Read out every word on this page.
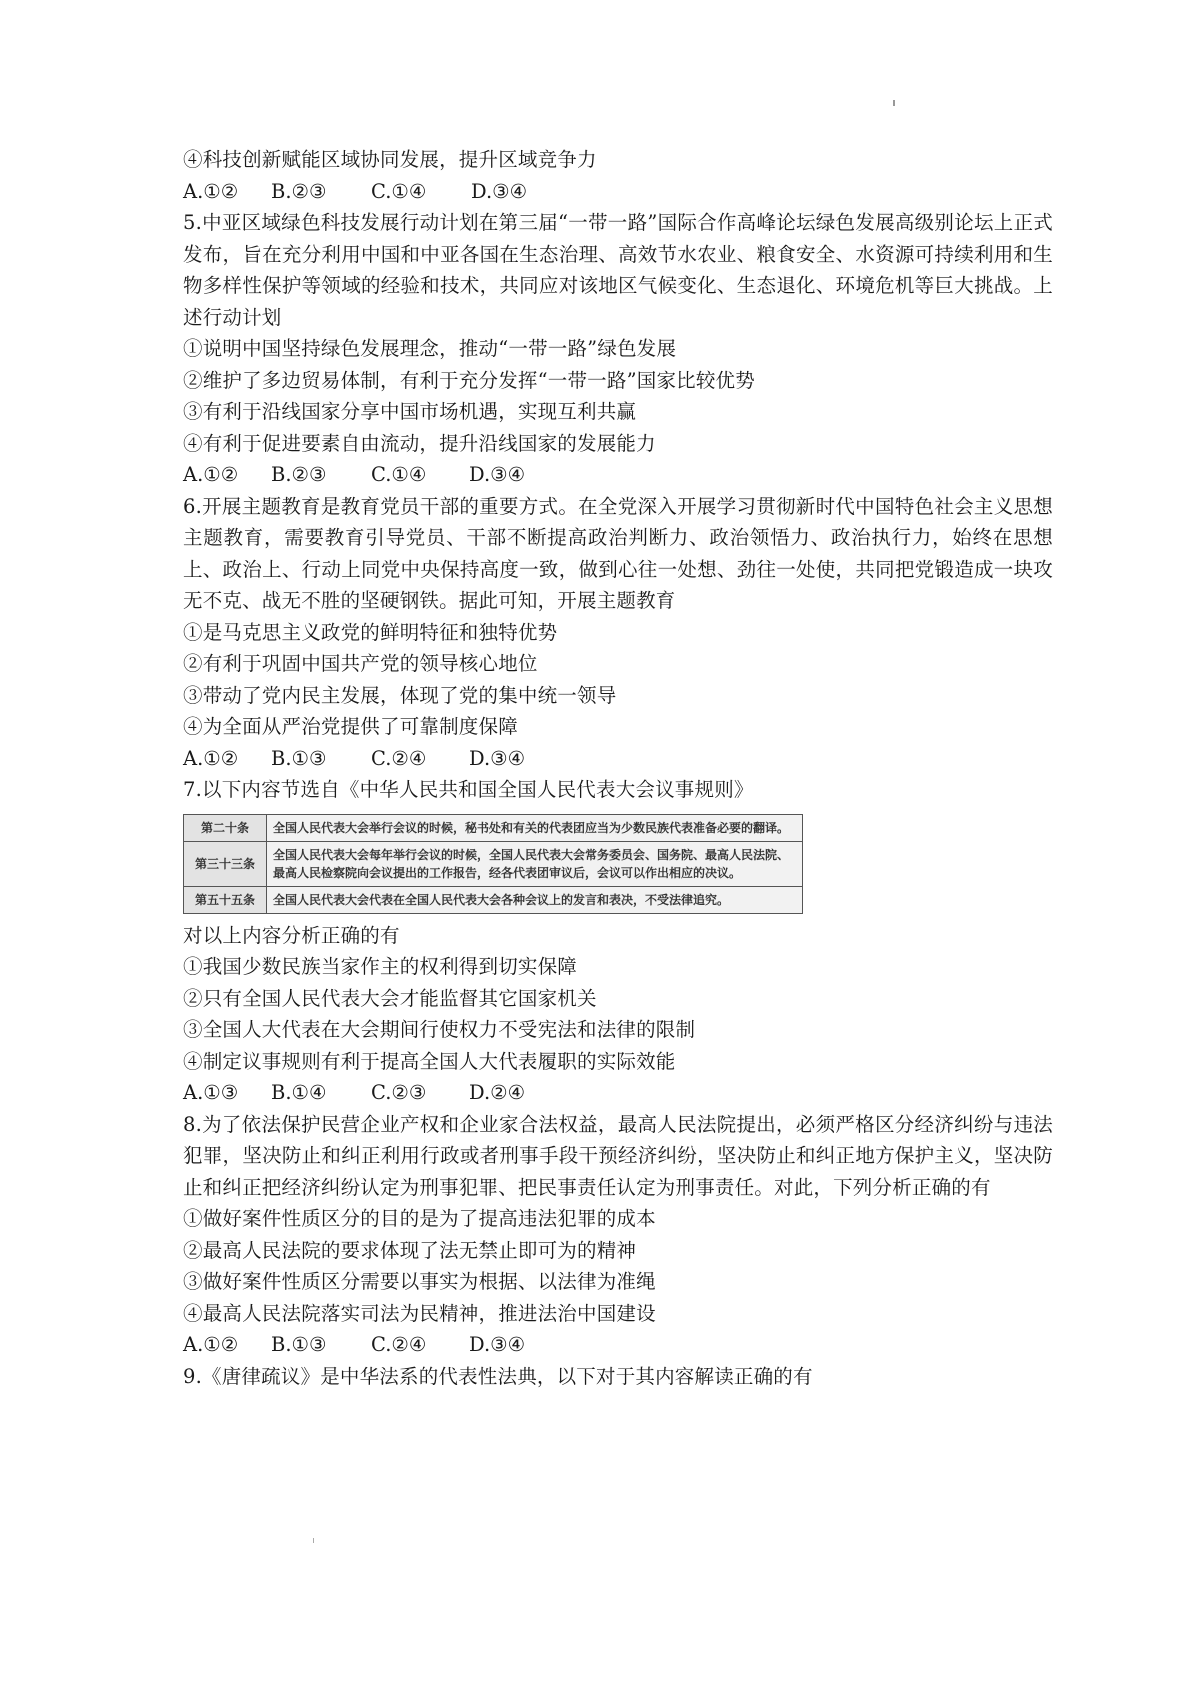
④科技创新赋能区域协同发展，提升区域竞争力
A.①②	B.②③	C.①④	D.③④
5.中亚区域绿色科技发展行动计划在第三届“一带一路”国际合作高峰论坛绿色发展高级别论坛上正式发布，旨在充分利用中国和中亚各国在生态治理、高效节水农业、粮食安全、水资源可持续利用和生物多样性保护等领域的经验和技术，共同应对该地区气候变化、生态退化、环境危机等巨大挑战。上述行动计划
①说明中国坚持绿色发展理念，推动“一带一路”绿色发展
②维护了多边贸易体制，有利于充分发挥“一带一路”国家比较优势
③有利于沿线国家分享中国市场机遇，实现互利共赢
④有利于促进要素自由流动，提升沿线国家的发展能力
A.①②	B.②③	C.①④	D.③④
6.开展主题教育是教育党员干部的重要方式。在全党深入开展学习贯彻新时代中国特色社会主义思想主题教育，需要教育引导党员、干部不断提高政治判断力、政治领悟力、政治执行力，始终在思想上、政治上、行动上同党中央保持高度一致，做到心往一处想、劲往一处使，共同把党锻造成一块攻无不克、战无不胜的坚硬钢铁。据此可知，开展主题教育
①是马克思主义政党的鲜明特征和独特优势
②有利于巩固中国共产党的领导核心地位
③带动了党内民主发展，体现了党的集中统一领导
④为全面从严治党提供了可靠制度保障
A.①②	B.①③	C.②④	D.③④
7.以下内容节选自《中华人民共和国全国人民代表大会议事规则》
第二十条	全国人民代表大会举行会议的时候，秘书处和有关的代表团应当为少数民族代表准备必要的翻译。
第三十三条	全国人民代表大会每年举行会议的时候，全国人民代表大会常务委员会、国务院、最高人民法院、最高人民检察院向会议提出的工作报告，经各代表团审议后，会议可以作出相应的决议。
第五十五条	全国人民代表大会代表在全国人民代表大会各种会议上的发言和表决，不受法律追究。
对以上内容分析正确的有
①我国少数民族当家作主的权利得到切实保障
②只有全国人民代表大会才能监督其它国家机关
③全国人大代表在大会期间行使权力不受宪法和法律的限制
④制定议事规则有利于提高全国人大代表履职的实际效能
A.①③	B.①④	C.②③	D.②④
8.为了依法保护民营企业产权和企业家合法权益，最高人民法院提出，必须严格区分经济纠纷与违法犯罪，坚决防止和纠正利用行政或者刑事手段干预经济纠纷，坚决防止和纠正地方保护主义，坚决防止和纠正把经济纠纷认定为刑事犯罪、把民事责任认定为刑事责任。对此，下列分析正确的有
①做好案件性质区分的目的是为了提高违法犯罪的成本
②最高人民法院的要求体现了法无禁止即可为的精神
③做好案件性质区分需要以事实为根据、以法律为准绳
④最高人民法院落实司法为民精神，推进法治中国建设
A.①②	B.①③	C.②④	D.③④
9.《唐律疏议》是中华法系的代表性法典，以下对于其内容解读正确的有
